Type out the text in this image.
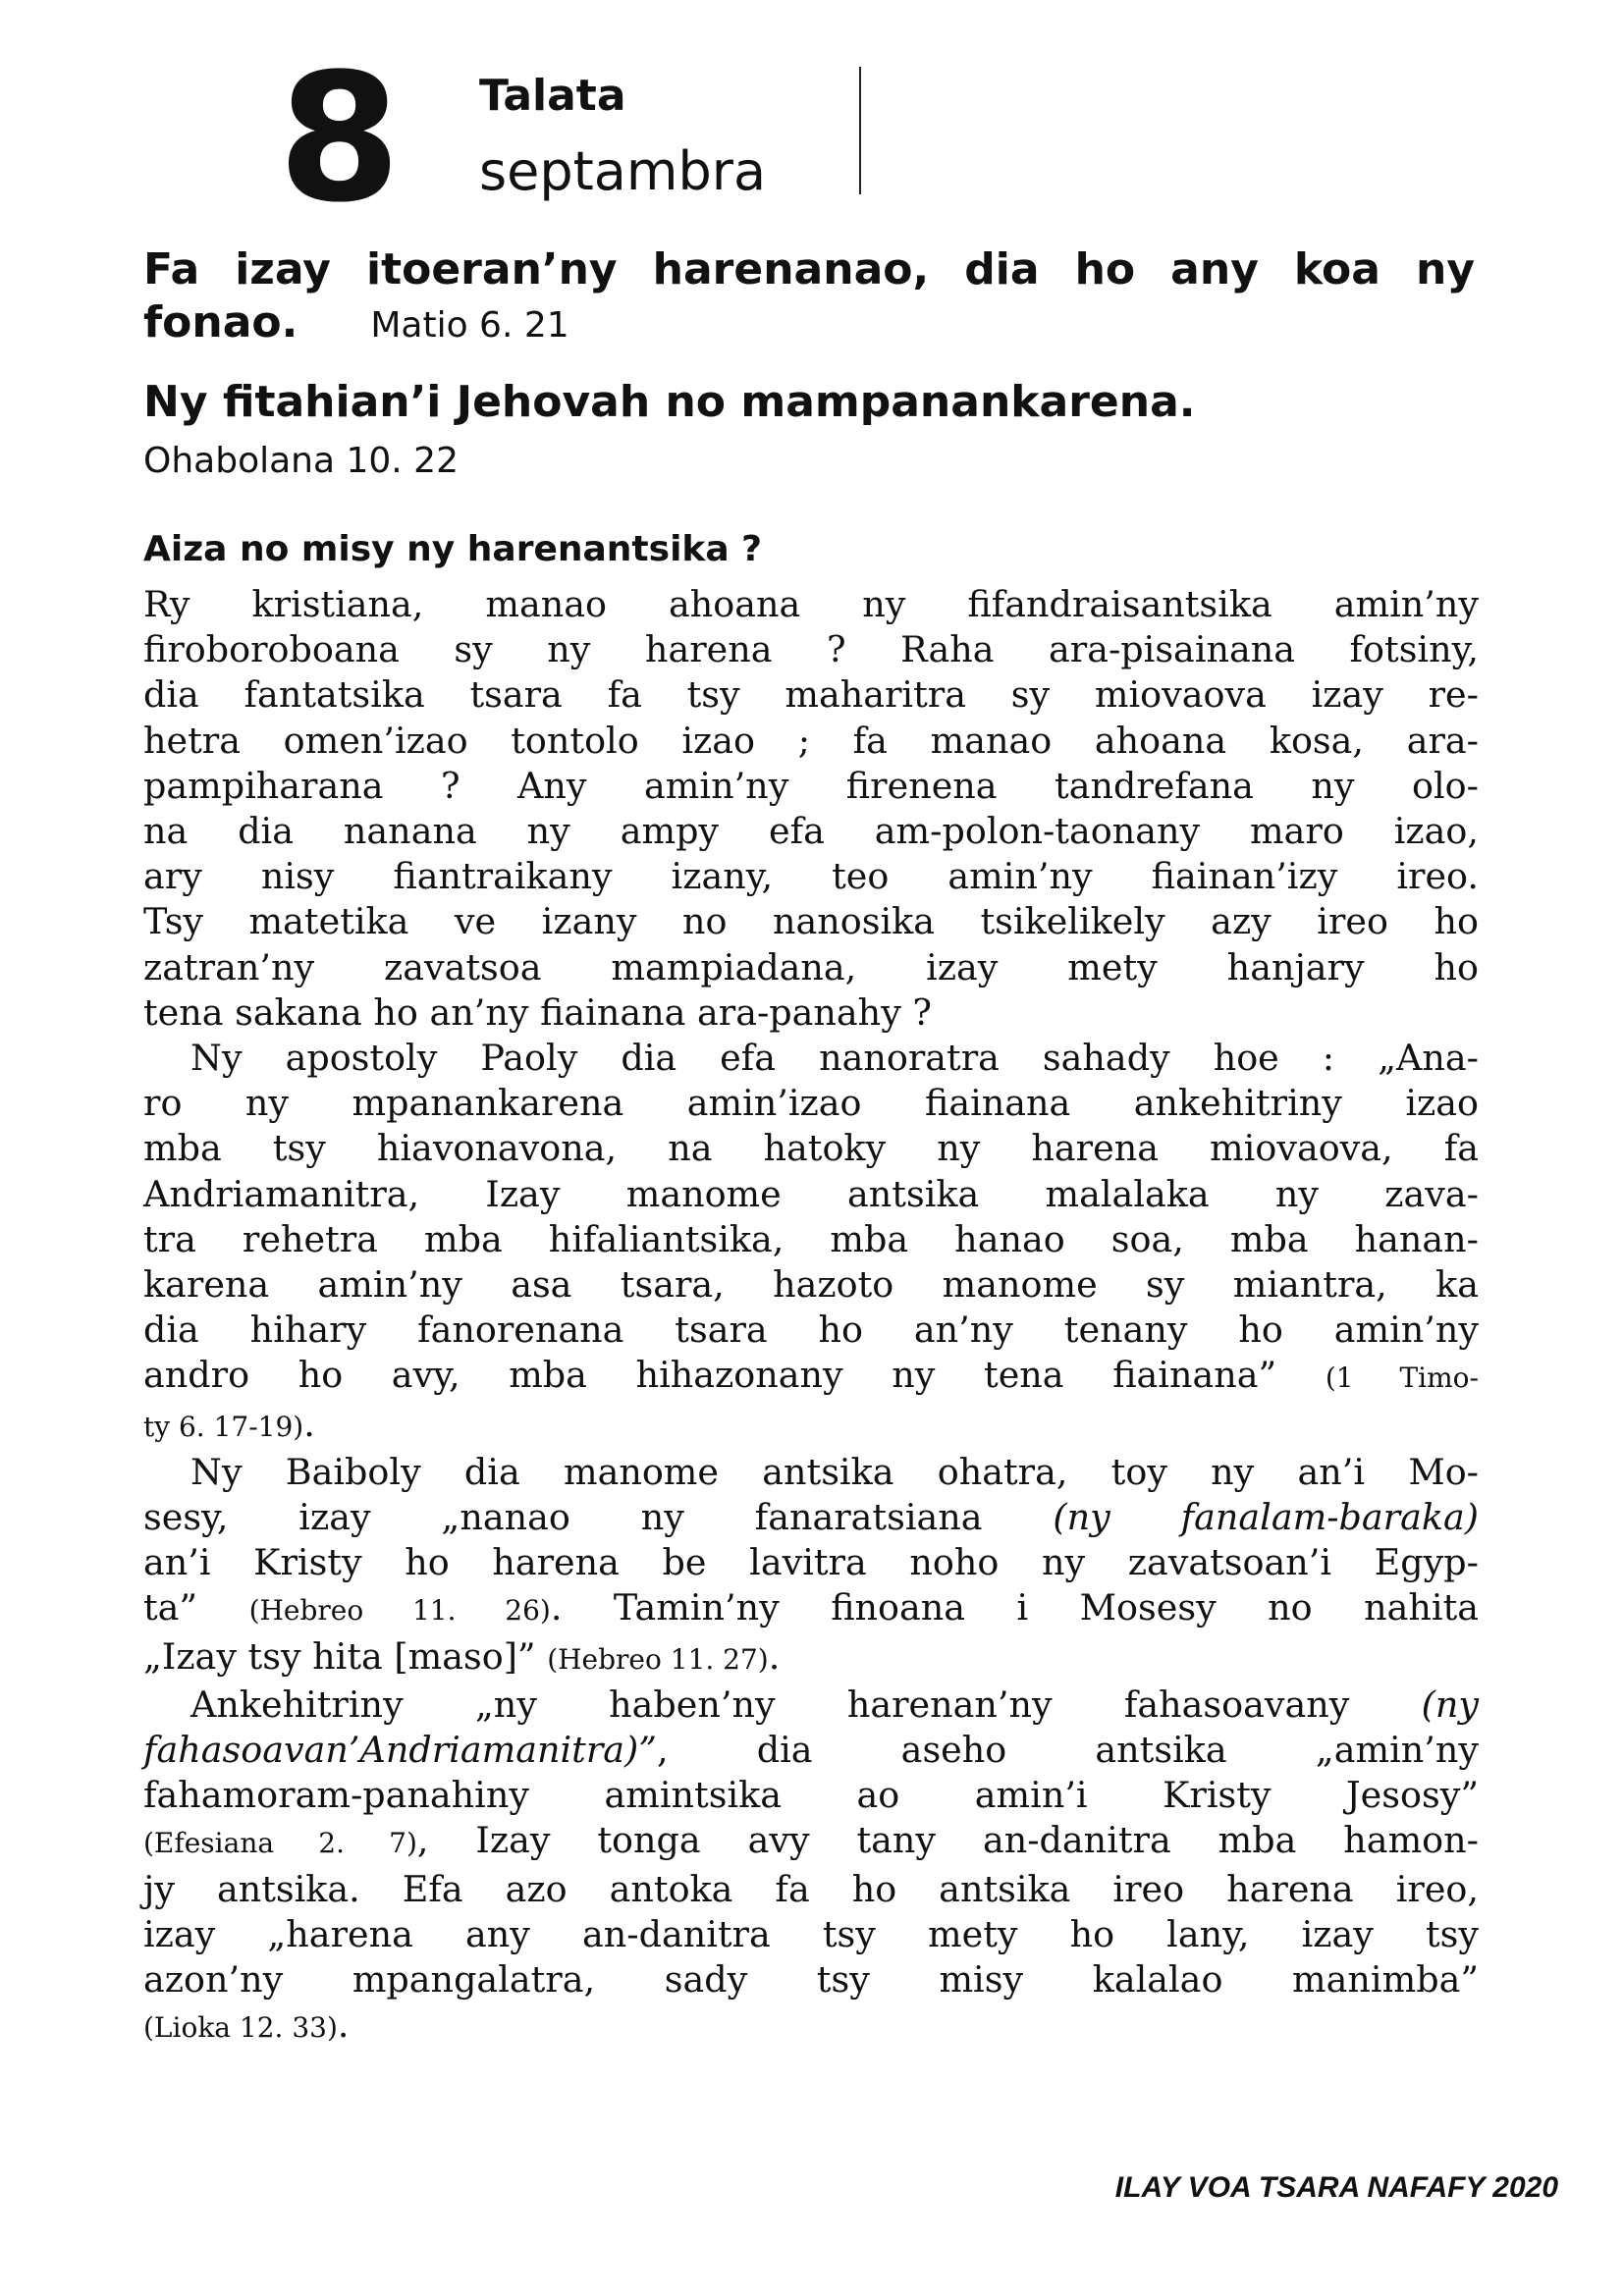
8 Talata
septambra
Fa izay itoeran’ny harenanao, dia ho any koa ny fonao. Matio 6. 21
Ny fitahian’i Jehovah no mampanankarena.
Ohabolana 10. 22
Aiza no misy ny harenantsika ?

Ry kristiana, manao ahoana ny fifandraisantsika amin’ny

firoboroboana sy ny harena ? Raha ara-pisainana fotsiny,

dia fantatsika tsara fa tsy maharitra sy miovaova izay re-

hetra omen’izao tontolo izao ; fa manao ahoana kosa, ara-

pampiharana ? Any amin’ny firenena tandrefana ny olo-

na dia nanana ny ampy efa am-polon-taonany maro izao,

ary nisy fiantraikany izany, teo amin’ny fiainan’izy ireo.

Tsy matetika ve izany no nanosika tsikelikely azy ireo ho

zatran’ny zavatsoa mampiadana, izay mety hanjary ho

tena sakana ho an’ny fiainana ara-panahy ?

Ny apostoly Paoly dia efa nanoratra sahady hoe : „Ana-

ro ny mpanankarena amin’izao fiainana ankehitriny izao

mba tsy hiavonavona, na hatoky ny harena miovaova, fa

Andriamanitra, Izay manome antsika malalaka ny zava-

tra rehetra mba hifaliantsika, mba hanao soa, mba hanan-

karena amin’ny asa tsara, hazoto manome sy miantra, ka

dia hihary fanorenana tsara ho an’ny tenany ho amin’ny

andro ho avy, mba hihazonany ny tena fiainana” (1 Timo-

ty 6. 17-19).

Ny Baiboly dia manome antsika ohatra, toy ny an’i Mo-

sesy, izay „nanao ny fanaratsiana (ny fanalam-baraka)

an’i Kristy ho harena be lavitra noho ny zavatsoan’i Egyp-

ta” (Hebreo 11. 26). Tamin’ny finoana i Mosesy no nahita

„Izay tsy hita [maso]” (Hebreo 11. 27).

Ankehitriny „ny haben’ny harenan’ny fahasoavany (ny

fahasoavan’Andriamanitra)”, dia aseho antsika „amin’ny

fahamoram-panahiny amintsika ao amin’i Kristy Jesosy”

(Efesiana 2. 7), Izay tonga avy tany an-danitra mba hamon-

jy antsika. Efa azo antoka fa ho antsika ireo harena ireo,

izay „harena any an-danitra tsy mety ho lany, izay tsy

azon’ny mpangalatra, sady tsy misy kalalao manimba”

(Lioka 12. 33).

ILAY VOA TSARA NAFAFY 2020
